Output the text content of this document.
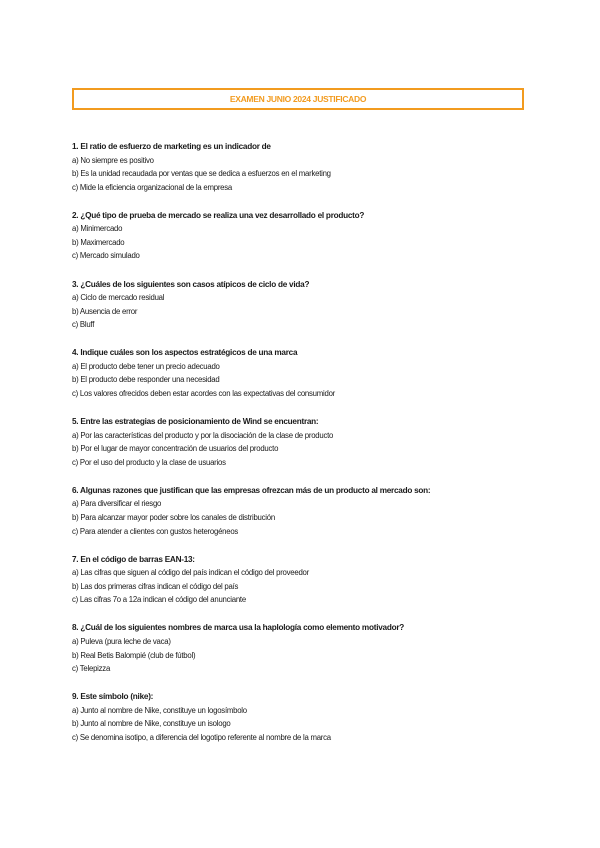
EXAMEN JUNIO 2024 JUSTIFICADO
1. El ratio de esfuerzo de marketing es un indicador de
a) No siempre es positivo
b) Es la unidad recaudada por ventas que se dedica a esfuerzos en el marketing
c) Mide la eficiencia organizacional de la empresa
2. ¿Qué tipo de prueba de mercado se realiza una vez desarrollado el producto?
a) Minimercado
b) Maximercado
c) Mercado simulado
3. ¿Cuáles de los siguientes son casos atípicos de ciclo de vida?
a) Ciclo de mercado residual
b) Ausencia de error
c) Bluff
4. Indique cuáles son los aspectos estratégicos de una marca
a) El producto debe tener un precio adecuado
b) El producto debe responder una necesidad
c) Los valores ofrecidos deben estar acordes con las expectativas del consumidor
5. Entre las estrategias de posicionamiento de Wind se encuentran:
a) Por las características del producto y por la disociación de la clase de producto
b) Por el lugar de mayor concentración de usuarios del producto
c) Por el uso del producto y la clase de usuarios
6. Algunas razones que justifican que las empresas ofrezcan más de un producto al mercado son:
a) Para diversificar el riesgo
b) Para alcanzar mayor poder sobre los canales de distribución
c) Para atender a clientes con gustos heterogéneos
7. En el código de barras EAN-13:
a) Las cifras que siguen al código del país indican el código del proveedor
b) Las dos primeras cifras indican el código del país
c) Las cifras 7o a 12a indican el código del anunciante
8. ¿Cuál de los siguientes nombres de marca usa la haplología como elemento motivador?
a) Puleva (pura leche de vaca)
b) Real Betis Balompié (club de fútbol)
c) Telepizza
9. Este símbolo (nike):
a) Junto al nombre de Nike, constituye un logosímbolo
b) Junto al nombre de Nike, constituye un isologo
c) Se denomina isotipo, a diferencia del logotipo referente al nombre de la marca
